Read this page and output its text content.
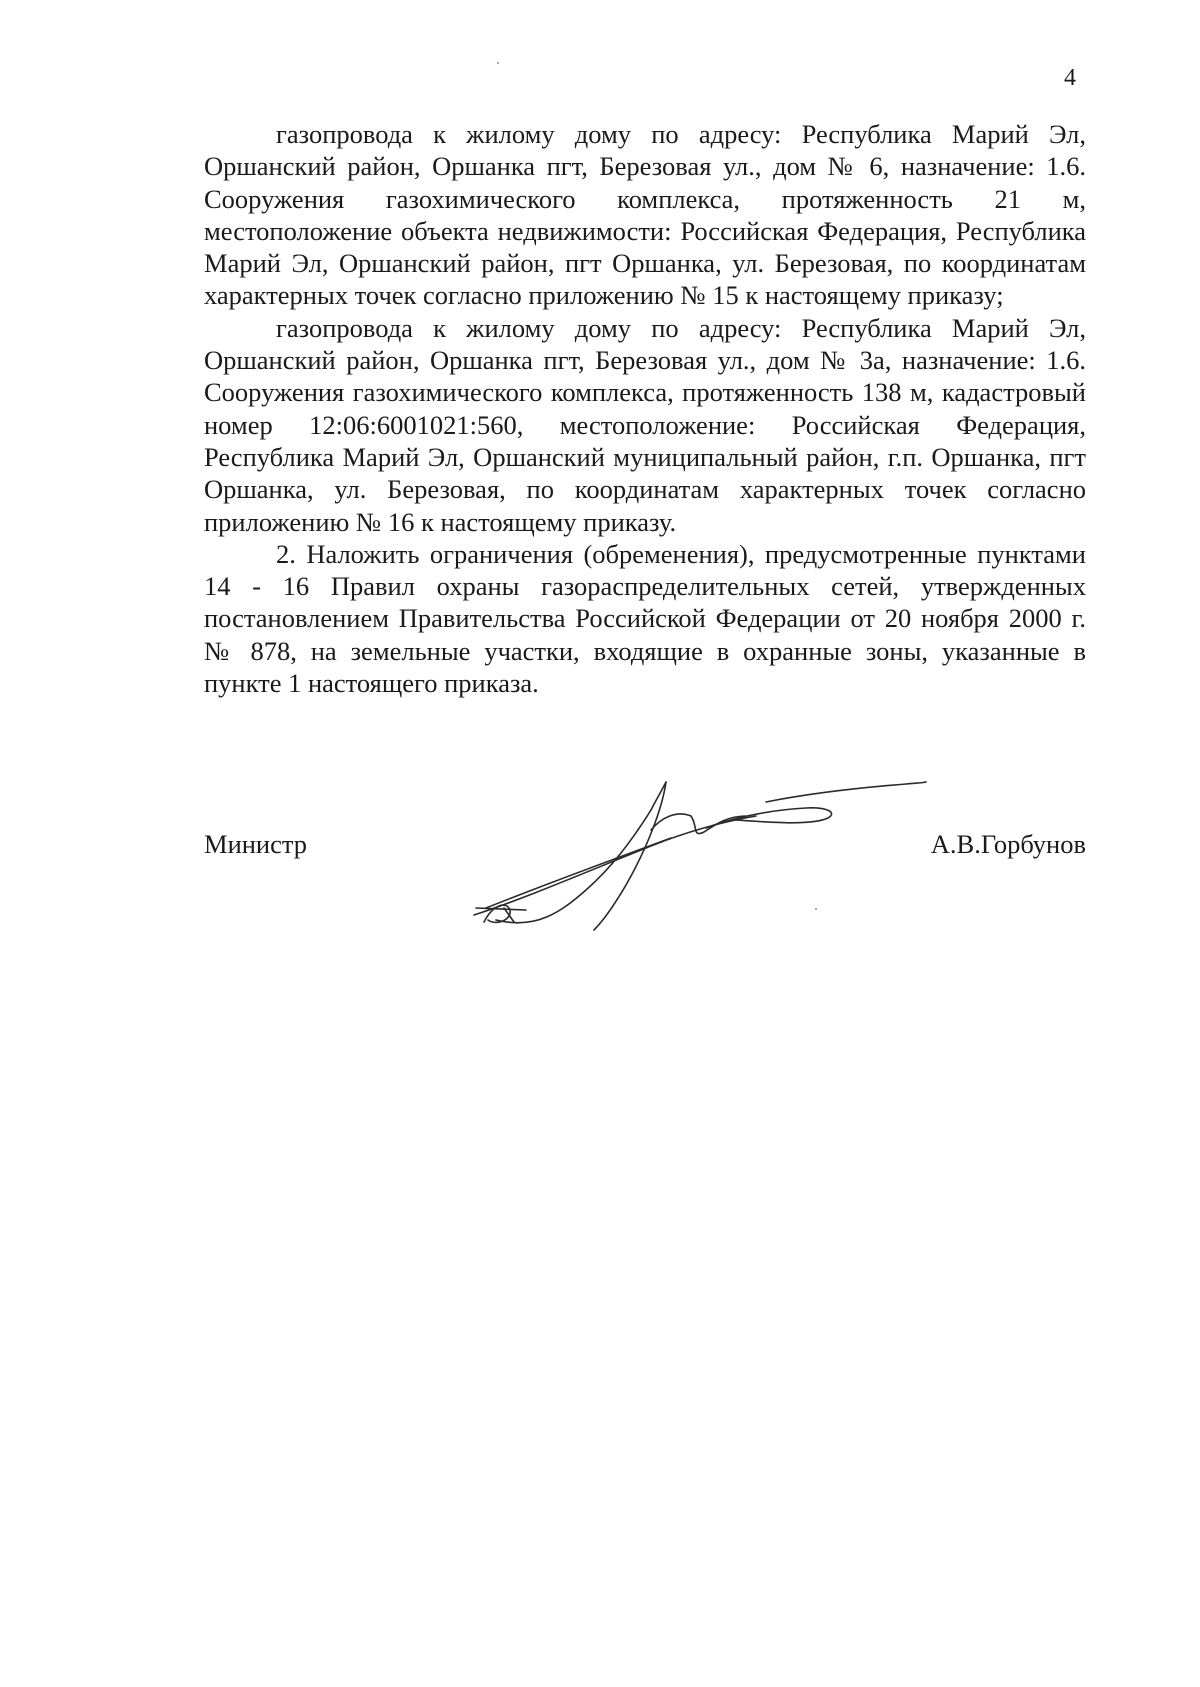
4

газопровода к жилому дому по адресу: Республика Марий Эл, Оршанский район, Оршанка пгт, Березовая ул., дом № 6, назначение: 1.6. Сооружения газохимического комплекса, протяженность 21 м, местоположение объекта недвижимости: Российская Федерация, Республика Марий Эл, Оршанский район, пгт Оршанка, ул. Березовая, по координатам характерных точек согласно приложению № 15 к настоящему приказу;

газопровода к жилому дому по адресу: Республика Марий Эл, Оршанский район, Оршанка пгт, Березовая ул., дом № 3а, назначение: 1.6. Сооружения газохимического комплекса, протяженность 138 м, кадастровый номер 12:06:6001021:560, местоположение: Российская Федерация, Республика Марий Эл, Оршанский муниципальный район, г.п. Оршанка, пгт Оршанка, ул. Березовая, по координатам характерных точек согласно приложению № 16 к настоящему приказу.

2. Наложить ограничения (обременения), предусмотренные пунктами 14 - 16 Правил охраны газораспределительных сетей, утвержденных постановлением Правительства Российской Федерации от 20 ноября 2000 г. № 878, на земельные участки, входящие в охранные зоны, указанные в пункте 1 настоящего приказа.

Министр	А.В.Горбунов
